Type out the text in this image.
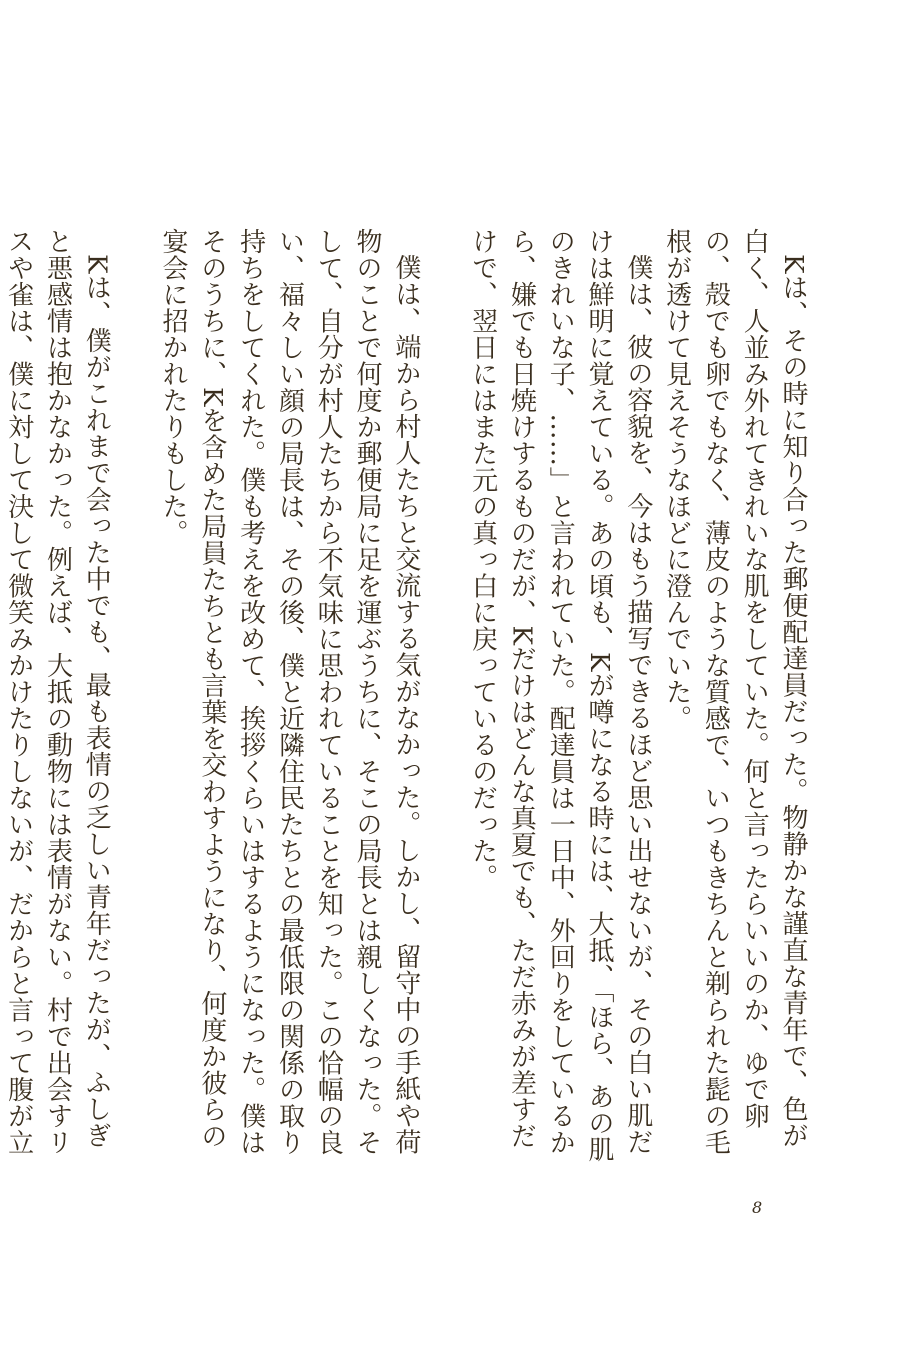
Kは、その時に知り合った郵便配達員だった。物静かな謹直な青年で、色が白く、人並み外れてきれいな肌をしていた。何と言ったらいいのか、ゆで卵の、殻でも卵でもなく、薄皮のような質感で、いつもきちんと剃られた髭の毛根が透けて見えそうなほどに澄んでいた。

僕は、彼の容貌を、今はもう描写できるほど思い出せないが、その白い肌だけは鮮明に覚えている。あの頃も、Kが噂になる時には、大抵、「ほら、あの肌のきれいな子、……」と言われていた。配達員は一日中、外回りをしているから、嫌でも日焼けするものだが、Kだけはどんな真夏でも、ただ赤みが差すだけで、翌日にはまた元の真っ白に戻っているのだった。

僕は、端から村人たちと交流する気がなかった。しかし、留守中の手紙や荷物のことで何度か郵便局に足を運ぶうちに、そこの局長とは親しくなった。そして、自分が村人たちから不気味に思われていることを知った。この恰幅の良い、福々しい顔の局長は、その後、僕と近隣住民たちとの最低限の関係の取り持ちをしてくれた。僕も考えを改めて、挨拶くらいはするようになった。僕はそのうちに、Kを含めた局員たちとも言葉を交わすようになり、何度か彼らの宴会に招かれたりもした。

Kは、僕がこれまで会った中でも、最も表情の乏しい青年だったが、ふしぎと悪感情は抱かなかった。例えば、大抵の動物には表情がない。村で出会すリスや雀は、僕に対して決して微笑みかけたりしないが、だからと言って腹が立

8
